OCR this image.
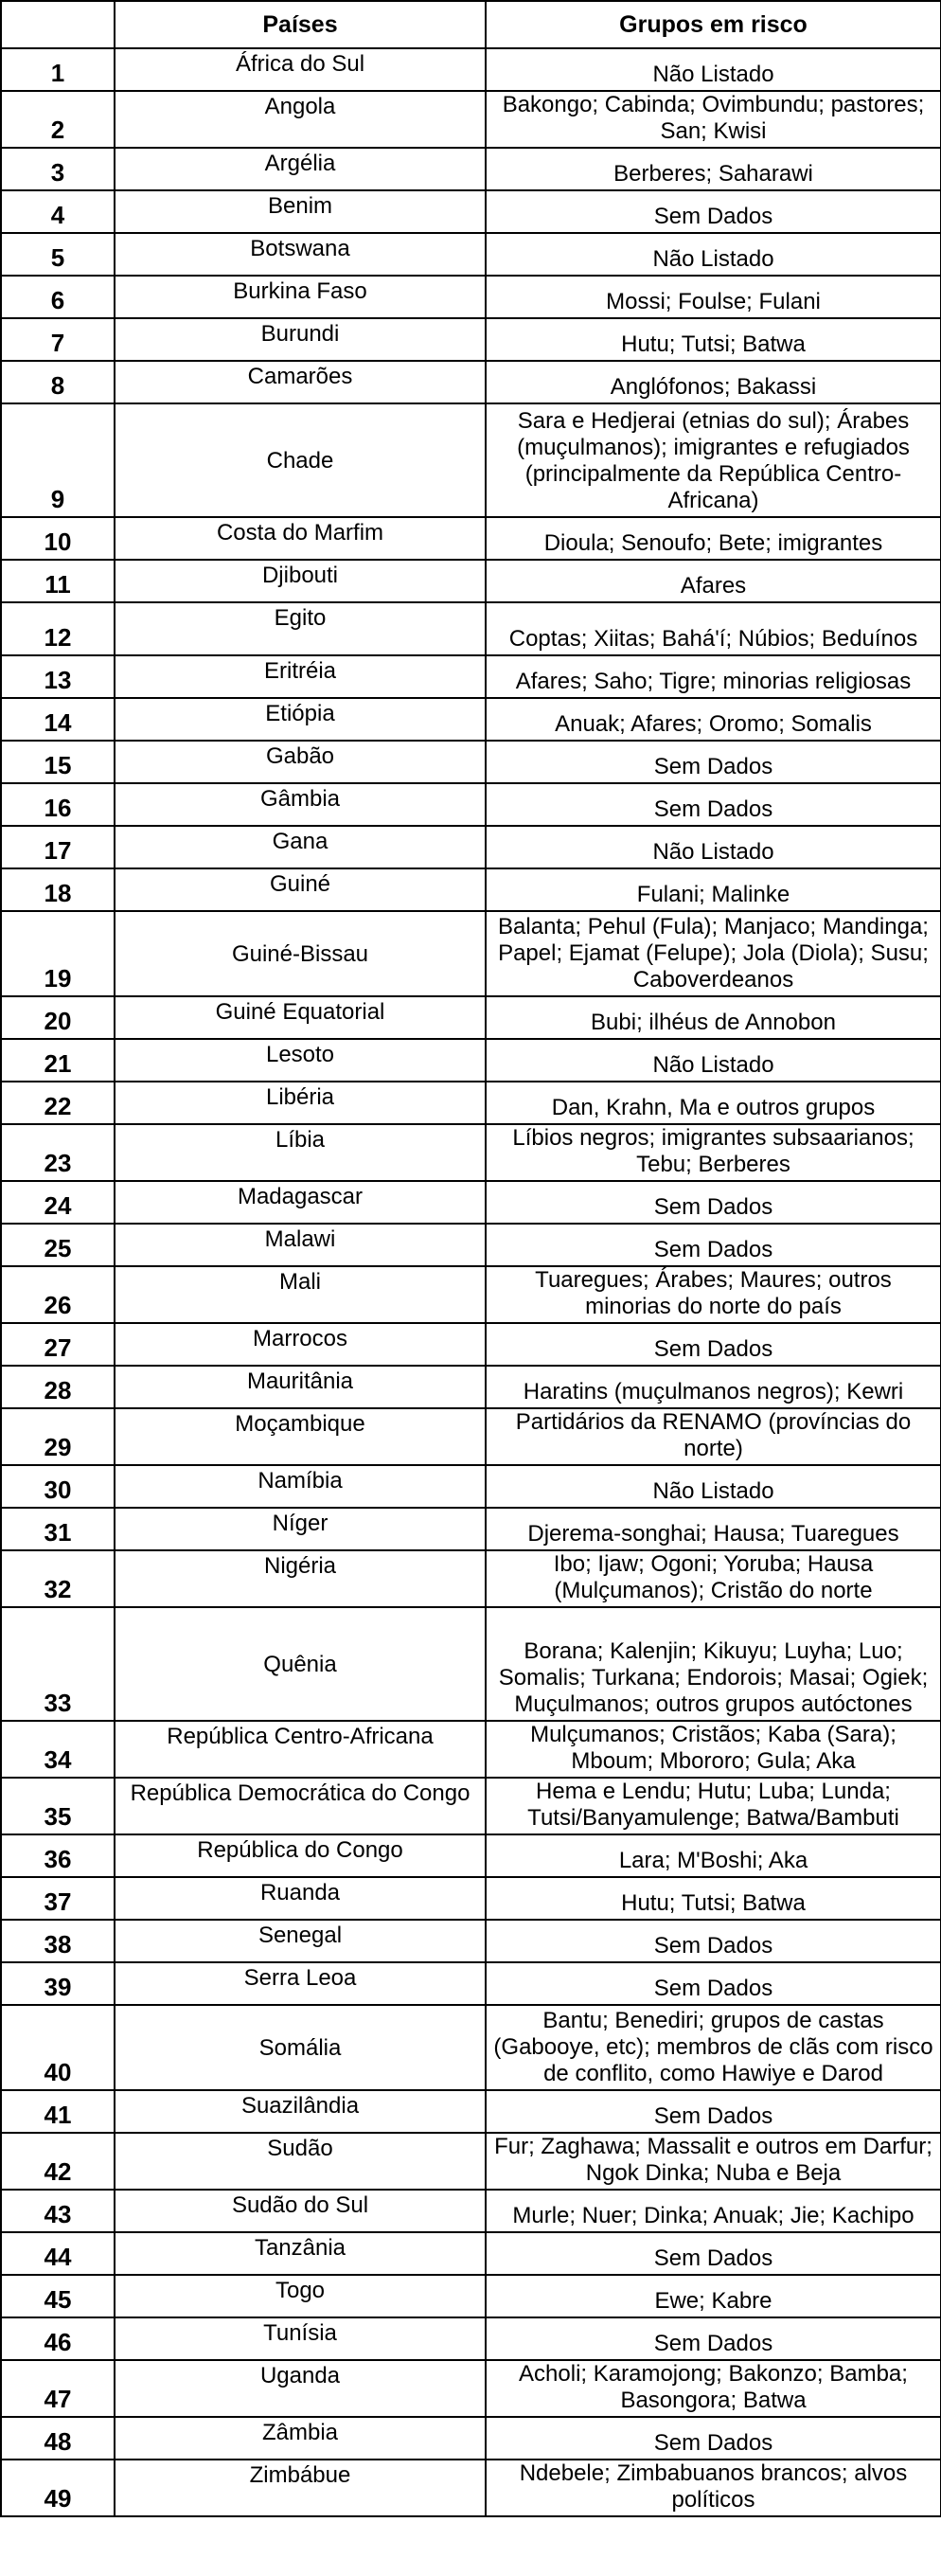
	Países	Grupos em risco
1	África do Sul	Não Listado
2	Angola	Bakongo; Cabinda; Ovimbundu; pastores; San; Kwisi
3	Argélia	Berberes; Saharawi
4	Benim	Sem Dados
5	Botswana	Não Listado
6	Burkina Faso	Mossi; Foulse; Fulani
7	Burundi	Hutu; Tutsi; Batwa
8	Camarões	Anglófonos; Bakassi
9	Chade	Sara e Hedjerai (etnias do sul); Árabes (muçulmanos); imigrantes e refugiados (principalmente da República Centro-Africana)
10	Costa do Marfim	Dioula; Senoufo; Bete; imigrantes
11	Djibouti	Afares
12	Egito	Coptas; Xiitas; Bahá'í; Núbios; Beduínos
13	Eritréia	Afares; Saho; Tigre; minorias religiosas
14	Etiópia	Anuak; Afares; Oromo; Somalis
15	Gabão	Sem Dados
16	Gâmbia	Sem Dados
17	Gana	Não Listado
18	Guiné	Fulani; Malinke
19	Guiné-Bissau	Balanta; Pehul (Fula); Manjaco; Mandinga; Papel; Ejamat (Felupe); Jola (Diola); Susu; Caboverdeanos
20	Guiné Equatorial	Bubi; ilhéus de Annobon
21	Lesoto	Não Listado
22	Libéria	Dan, Krahn, Ma e outros grupos
23	Líbia	Líbios negros; imigrantes subsaarianos; Tebu; Berberes
24	Madagascar	Sem Dados
25	Malawi	Sem Dados
26	Mali	Tuaregues; Árabes; Maures; outros minorias do norte do país
27	Marrocos	Sem Dados
28	Mauritânia	Haratins (muçulmanos negros); Kewri
29	Moçambique	Partidários da RENAMO (províncias do norte)
30	Namíbia	Não Listado
31	Níger	Djerema-songhai; Hausa; Tuaregues
32	Nigéria	Ibo; Ijaw; Ogoni; Yoruba; Hausa (Mulçumanos); Cristão do norte
33	Quênia	Borana; Kalenjin; Kikuyu; Luyha; Luo; Somalis; Turkana; Endorois; Masai; Ogiek; Muçulmanos; outros grupos autóctones
34	República Centro-Africana	Mulçumanos; Cristãos; Kaba (Sara); Mboum; Mbororo; Gula; Aka
35	República Democrática do Congo	Hema e Lendu; Hutu; Luba; Lunda; Tutsi/Banyamulenge; Batwa/Bambuti
36	República do Congo	Lara; M'Boshi; Aka
37	Ruanda	Hutu; Tutsi; Batwa
38	Senegal	Sem Dados
39	Serra Leoa	Sem Dados
40	Somália	Bantu; Benediri; grupos de castas (Gabooye, etc); membros de clãs com risco de conflito, como Hawiye e Darod
41	Suazilândia	Sem Dados
42	Sudão	Fur; Zaghawa; Massalit e outros em Darfur; Ngok Dinka; Nuba e Beja
43	Sudão do Sul	Murle; Nuer; Dinka; Anuak; Jie; Kachipo
44	Tanzânia	Sem Dados
45	Togo	Ewe; Kabre
46	Tunísia	Sem Dados
47	Uganda	Acholi; Karamojong; Bakonzo; Bamba; Basongora; Batwa
48	Zâmbia	Sem Dados
49	Zimbábue	Ndebele; Zimbabuanos brancos; alvos políticos
